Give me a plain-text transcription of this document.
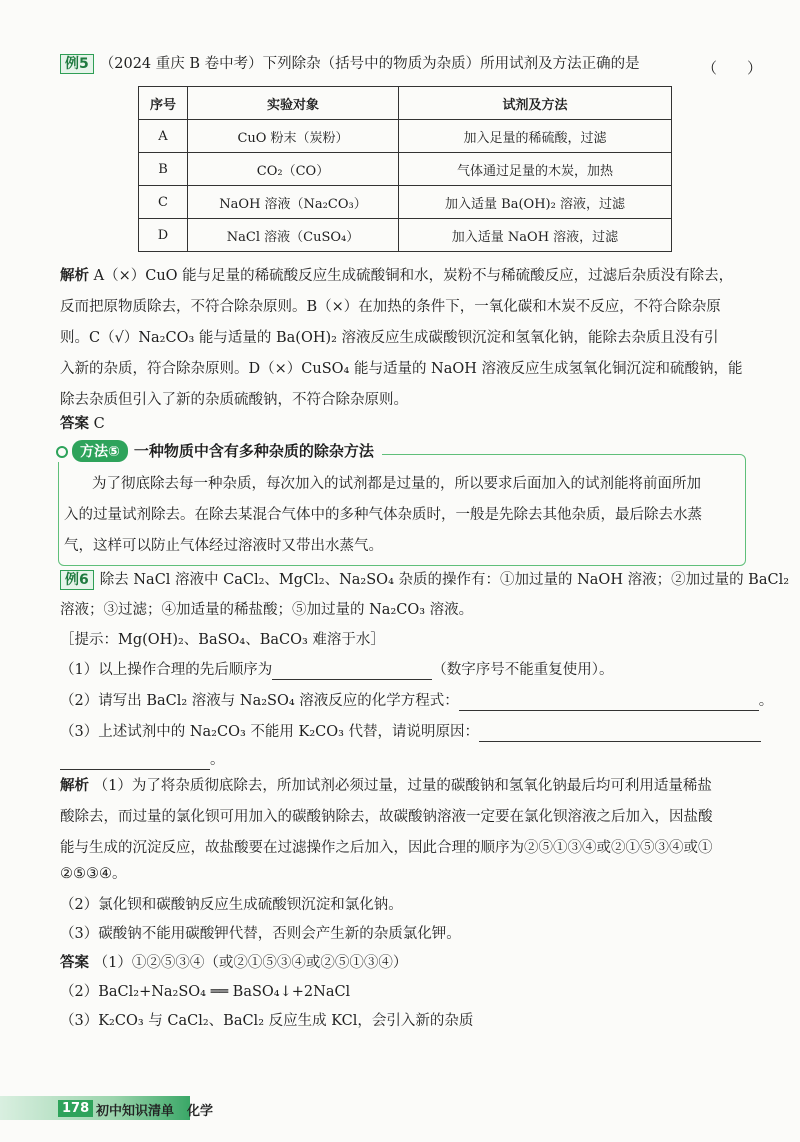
例5 （2024 重庆 B 卷中考）下列除杂（括号中的物质为杂质）所用试剂及方法正确的是	（　　）
序号	实验对象	试剂及方法
A	CuO 粉末（炭粉）	加入足量的稀硫酸，过滤
B	CO₂（CO）	气体通过足量的木炭，加热
C	NaOH 溶液（Na₂CO₃）	加入适量 Ba(OH)₂ 溶液，过滤
D	NaCl 溶液（CuSO₄）	加入适量 NaOH 溶液，过滤
解析 A（×）CuO 能与足量的稀硫酸反应生成硫酸铜和水，炭粉不与稀硫酸反应，过滤后杂质没有除去，
反而把原物质除去，不符合除杂原则。B（×）在加热的条件下，一氧化碳和木炭不反应，不符合除杂原
则。C（√）Na₂CO₃ 能与适量的 Ba(OH)₂ 溶液反应生成碳酸钡沉淀和氢氧化钠，能除去杂质且没有引
入新的杂质，符合除杂原则。D（×）CuSO₄ 能与适量的 NaOH 溶液反应生成氢氧化铜沉淀和硫酸钠，能
除去杂质但引入了新的杂质硫酸钠，不符合除杂原则。
答案 C
方法⑤ 一种物质中含有多种杂质的除杂方法
为了彻底除去每一种杂质，每次加入的试剂都是过量的，所以要求后面加入的试剂能将前面所加
入的过量试剂除去。在除去某混合气体中的多种气体杂质时，一般是先除去其他杂质，最后除去水蒸
气，这样可以防止气体经过溶液时又带出水蒸气。
例6 除去 NaCl 溶液中 CaCl₂、MgCl₂、Na₂SO₄ 杂质的操作有：①加过量的 NaOH 溶液；②加过量的 BaCl₂
溶液；③过滤；④加适量的稀盐酸；⑤加过量的 Na₂CO₃ 溶液。
［提示：Mg(OH)₂、BaSO₄、BaCO₃ 难溶于水］
（1）以上操作合理的先后顺序为	（数字序号不能重复使用）。
（2）请写出 BaCl₂ 溶液与 Na₂SO₄ 溶液反应的化学方程式：	。
（3）上述试剂中的 Na₂CO₃ 不能用 K₂CO₃ 代替，请说明原因：
。
解析 （1）为了将杂质彻底除去，所加试剂必须过量，过量的碳酸钠和氢氧化钠最后均可利用适量稀盐
酸除去，而过量的氯化钡可用加入的碳酸钠除去，故碳酸钠溶液一定要在氯化钡溶液之后加入，因盐酸
能与生成的沉淀反应，故盐酸要在过滤操作之后加入，因此合理的顺序为②⑤①③④或②①⑤③④或①
②⑤③④。
（2）氯化钡和碳酸钠反应生成硫酸钡沉淀和氯化钠。
（3）碳酸钠不能用碳酸钾代替，否则会产生新的杂质氯化钾。
答案 （1）①②⑤③④（或②①⑤③④或②⑤①③④）
（2）BaCl₂+Na₂SO₄ ══ BaSO₄↓+2NaCl
（3）K₂CO₃ 与 CaCl₂、BaCl₂ 反应生成 KCl，会引入新的杂质
178 初中知识清单　化学
